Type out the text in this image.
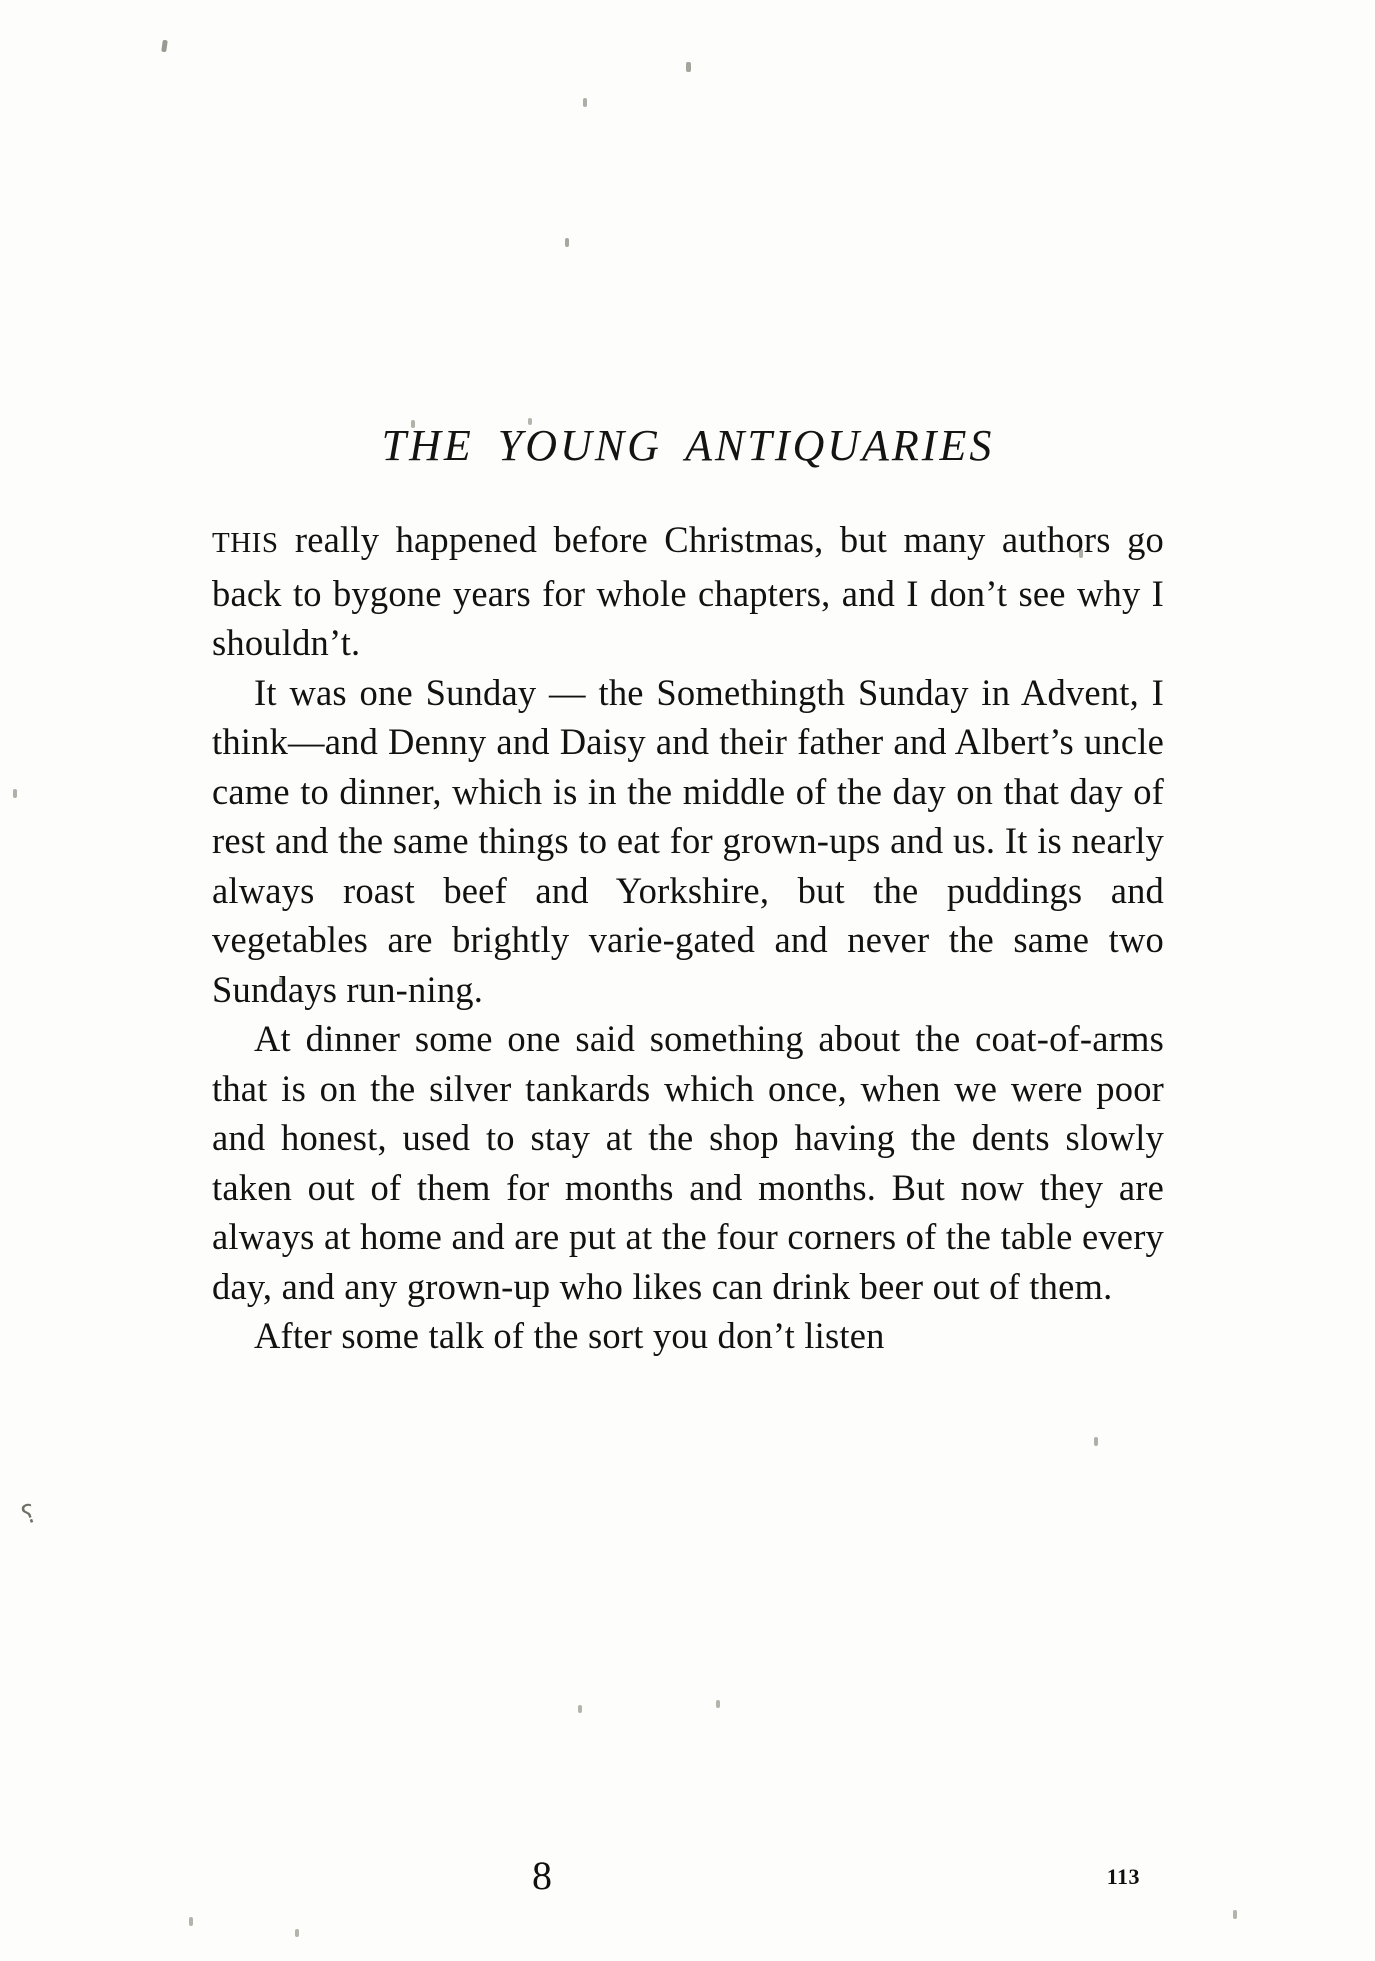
⸮
THE YOUNG ANTIQUARIES

THIS really happened before Christmas, but many authors go back to bygone years for whole chapters, and I don’t see why I shouldn’t.

It was one Sunday — the Somethingth Sunday in Advent, I think—and Denny and Daisy and their father and Albert’s uncle came to dinner, which is in the middle of the day on that day of rest and the same things to eat for grown-ups and us. It is nearly always roast beef and Yorkshire, but the puddings and vegetables are brightly varie-gated and never the same two Sundays run-ning.

At dinner some one said something about the coat-of-arms that is on the silver tankards which once, when we were poor and honest, used to stay at the shop having the dents slowly taken out of them for months and months. But now they are always at home and are put at the four corners of the table every day, and any grown-up who likes can drink beer out of them.

After some talk of the sort you don’t listen

8	113
